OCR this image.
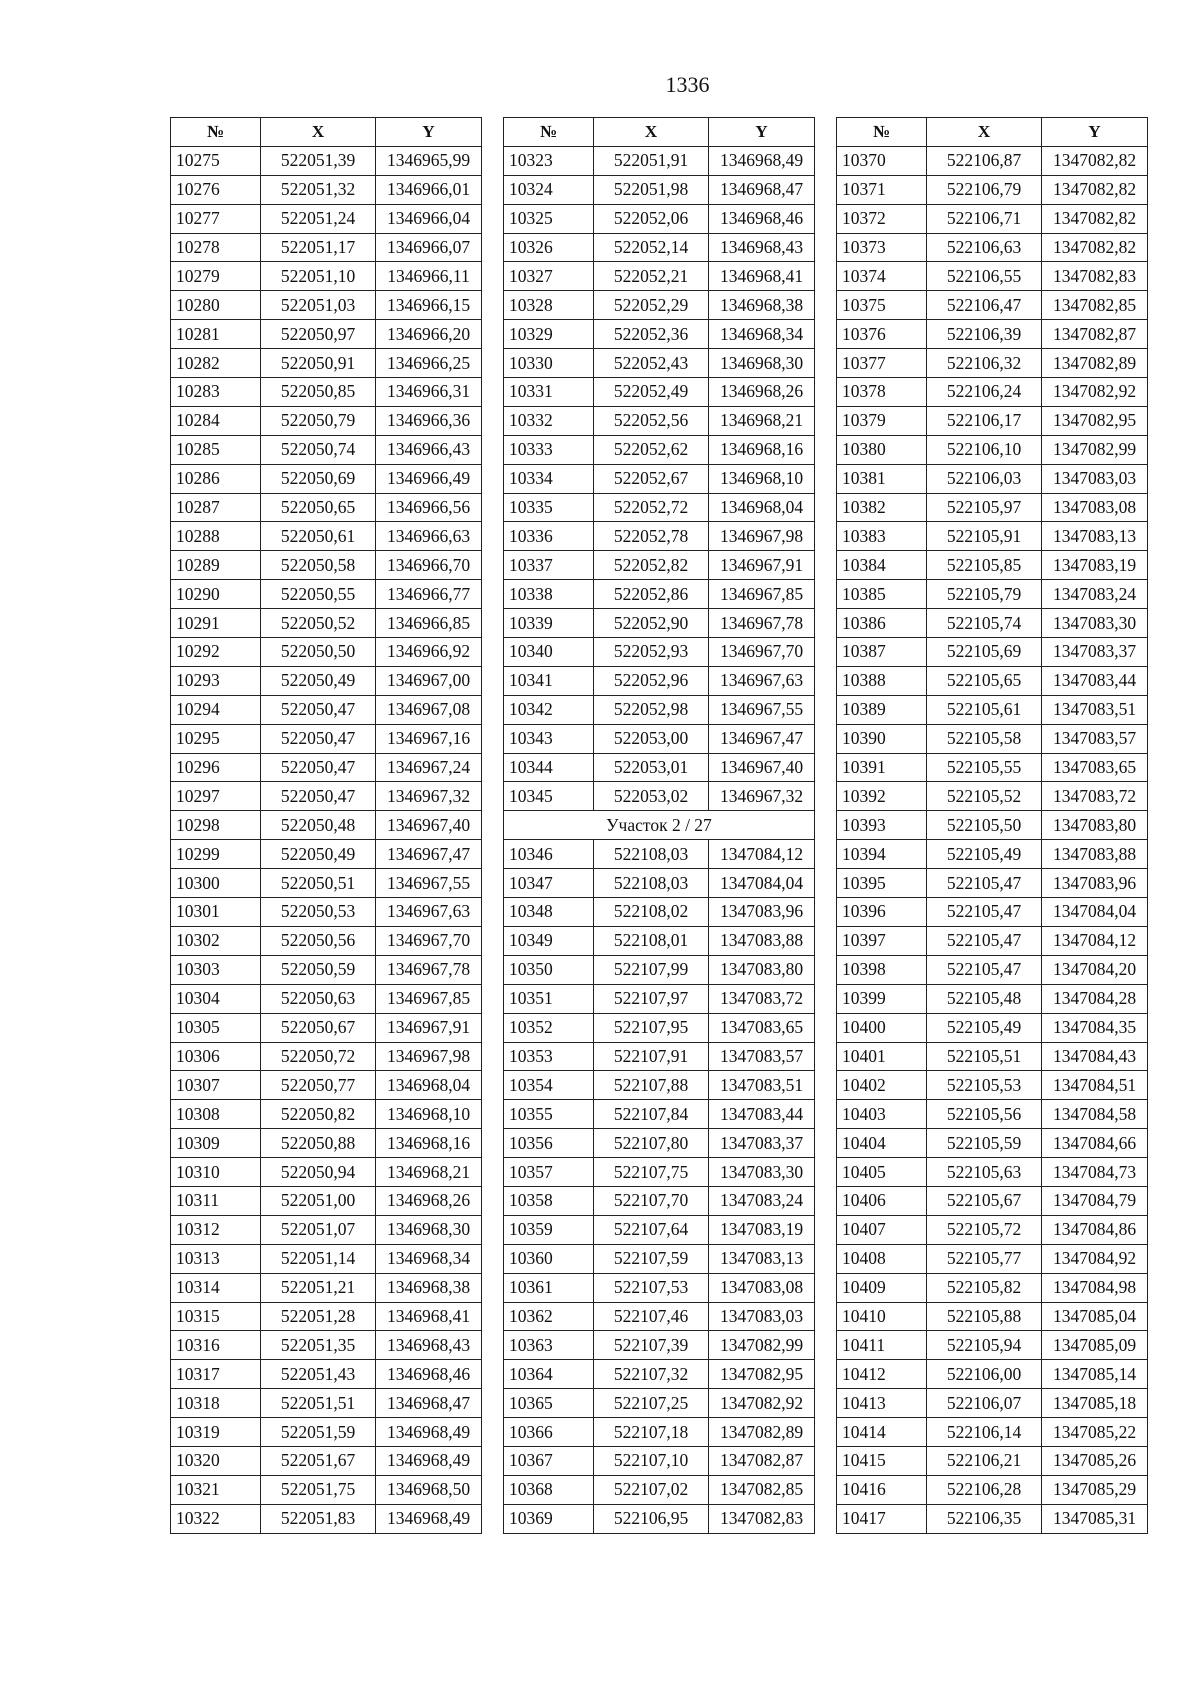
1336
№	X	Y
10275	522051,39	1346965,99
10276	522051,32	1346966,01
10277	522051,24	1346966,04
10278	522051,17	1346966,07
10279	522051,10	1346966,11
10280	522051,03	1346966,15
10281	522050,97	1346966,20
10282	522050,91	1346966,25
10283	522050,85	1346966,31
10284	522050,79	1346966,36
10285	522050,74	1346966,43
10286	522050,69	1346966,49
10287	522050,65	1346966,56
10288	522050,61	1346966,63
10289	522050,58	1346966,70
10290	522050,55	1346966,77
10291	522050,52	1346966,85
10292	522050,50	1346966,92
10293	522050,49	1346967,00
10294	522050,47	1346967,08
10295	522050,47	1346967,16
10296	522050,47	1346967,24
10297	522050,47	1346967,32
10298	522050,48	1346967,40
10299	522050,49	1346967,47
10300	522050,51	1346967,55
10301	522050,53	1346967,63
10302	522050,56	1346967,70
10303	522050,59	1346967,78
10304	522050,63	1346967,85
10305	522050,67	1346967,91
10306	522050,72	1346967,98
10307	522050,77	1346968,04
10308	522050,82	1346968,10
10309	522050,88	1346968,16
10310	522050,94	1346968,21
10311	522051,00	1346968,26
10312	522051,07	1346968,30
10313	522051,14	1346968,34
10314	522051,21	1346968,38
10315	522051,28	1346968,41
10316	522051,35	1346968,43
10317	522051,43	1346968,46
10318	522051,51	1346968,47
10319	522051,59	1346968,49
10320	522051,67	1346968,49
10321	522051,75	1346968,50
10322	522051,83	1346968,49
№	X	Y
10323	522051,91	1346968,49
10324	522051,98	1346968,47
10325	522052,06	1346968,46
10326	522052,14	1346968,43
10327	522052,21	1346968,41
10328	522052,29	1346968,38
10329	522052,36	1346968,34
10330	522052,43	1346968,30
10331	522052,49	1346968,26
10332	522052,56	1346968,21
10333	522052,62	1346968,16
10334	522052,67	1346968,10
10335	522052,72	1346968,04
10336	522052,78	1346967,98
10337	522052,82	1346967,91
10338	522052,86	1346967,85
10339	522052,90	1346967,78
10340	522052,93	1346967,70
10341	522052,96	1346967,63
10342	522052,98	1346967,55
10343	522053,00	1346967,47
10344	522053,01	1346967,40
10345	522053,02	1346967,32
Участок 2 / 27		
10346	522108,03	1347084,12
10347	522108,03	1347084,04
10348	522108,02	1347083,96
10349	522108,01	1347083,88
10350	522107,99	1347083,80
10351	522107,97	1347083,72
10352	522107,95	1347083,65
10353	522107,91	1347083,57
10354	522107,88	1347083,51
10355	522107,84	1347083,44
10356	522107,80	1347083,37
10357	522107,75	1347083,30
10358	522107,70	1347083,24
10359	522107,64	1347083,19
10360	522107,59	1347083,13
10361	522107,53	1347083,08
10362	522107,46	1347083,03
10363	522107,39	1347082,99
10364	522107,32	1347082,95
10365	522107,25	1347082,92
10366	522107,18	1347082,89
10367	522107,10	1347082,87
10368	522107,02	1347082,85
10369	522106,95	1347082,83
№	X	Y
10370	522106,87	1347082,82
10371	522106,79	1347082,82
10372	522106,71	1347082,82
10373	522106,63	1347082,82
10374	522106,55	1347082,83
10375	522106,47	1347082,85
10376	522106,39	1347082,87
10377	522106,32	1347082,89
10378	522106,24	1347082,92
10379	522106,17	1347082,95
10380	522106,10	1347082,99
10381	522106,03	1347083,03
10382	522105,97	1347083,08
10383	522105,91	1347083,13
10384	522105,85	1347083,19
10385	522105,79	1347083,24
10386	522105,74	1347083,30
10387	522105,69	1347083,37
10388	522105,65	1347083,44
10389	522105,61	1347083,51
10390	522105,58	1347083,57
10391	522105,55	1347083,65
10392	522105,52	1347083,72
10393	522105,50	1347083,80
10394	522105,49	1347083,88
10395	522105,47	1347083,96
10396	522105,47	1347084,04
10397	522105,47	1347084,12
10398	522105,47	1347084,20
10399	522105,48	1347084,28
10400	522105,49	1347084,35
10401	522105,51	1347084,43
10402	522105,53	1347084,51
10403	522105,56	1347084,58
10404	522105,59	1347084,66
10405	522105,63	1347084,73
10406	522105,67	1347084,79
10407	522105,72	1347084,86
10408	522105,77	1347084,92
10409	522105,82	1347084,98
10410	522105,88	1347085,04
10411	522105,94	1347085,09
10412	522106,00	1347085,14
10413	522106,07	1347085,18
10414	522106,14	1347085,22
10415	522106,21	1347085,26
10416	522106,28	1347085,29
10417	522106,35	1347085,31
